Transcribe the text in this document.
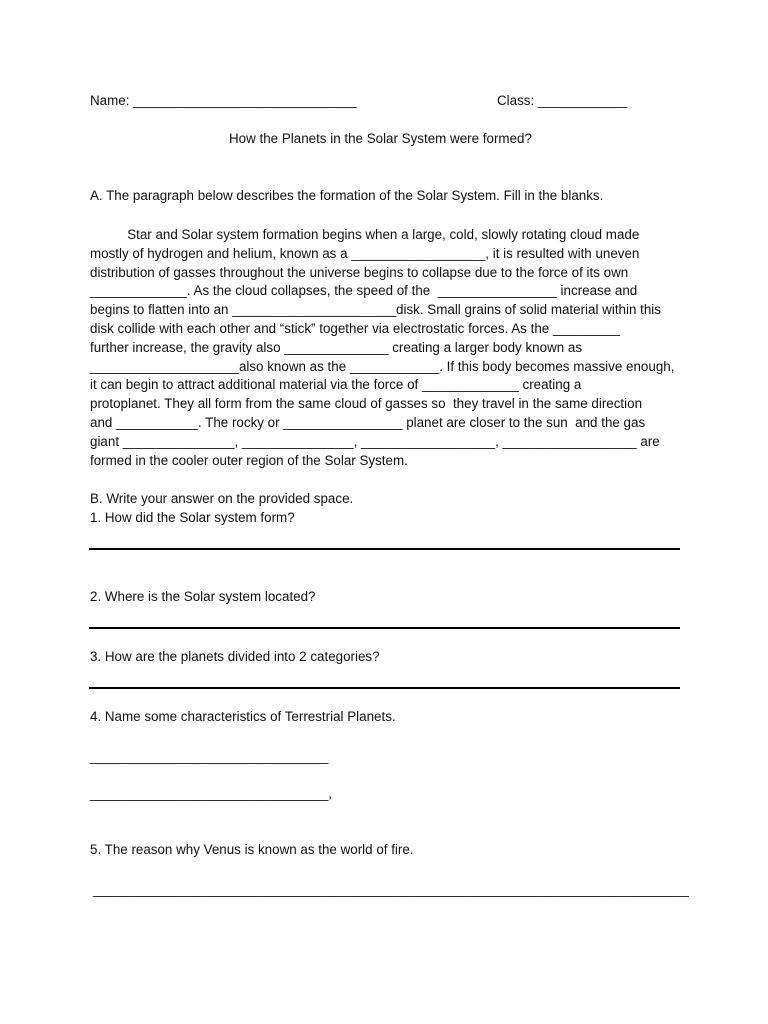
Name: ______________________________	Class: ____________
How the Planets in the Solar System were formed?
A. The paragraph below describes the formation of the Solar System. Fill in the blanks.
Star and Solar system formation begins when a large, cold, slowly rotating cloud made
mostly of hydrogen and helium, known as a __________________, it is resulted with uneven
distribution of gasses throughout the universe begins to collapse due to the force of its own
_____________. As the cloud collapses, the speed of the  ________________ increase and
begins to flatten into an ______________________disk. Small grains of solid material within this
disk collide with each other and “stick” together via electrostatic forces. As the _________
further increase, the gravity also ______________ creating a larger body known as
____________________also known as the ____________. If this body becomes massive enough,
it can begin to attract additional material via the force of _____________ creating a
protoplanet. They all form from the same cloud of gasses so  they travel in the same direction
and ___________. The rocky or ________________ planet are closer to the sun  and the gas
giant _______________, _______________, __________________, __________________ are
formed in the cooler outer region of the Solar System.
B. Write your answer on the provided space.
1. How did the Solar system form?
2. Where is the Solar system located?
3. How are the planets divided into 2 categories?
4. Name some characteristics of Terrestrial Planets.
________________________________
________________________________,
5. The reason why Venus is known as the world of fire.
________________________________________________________________________________
